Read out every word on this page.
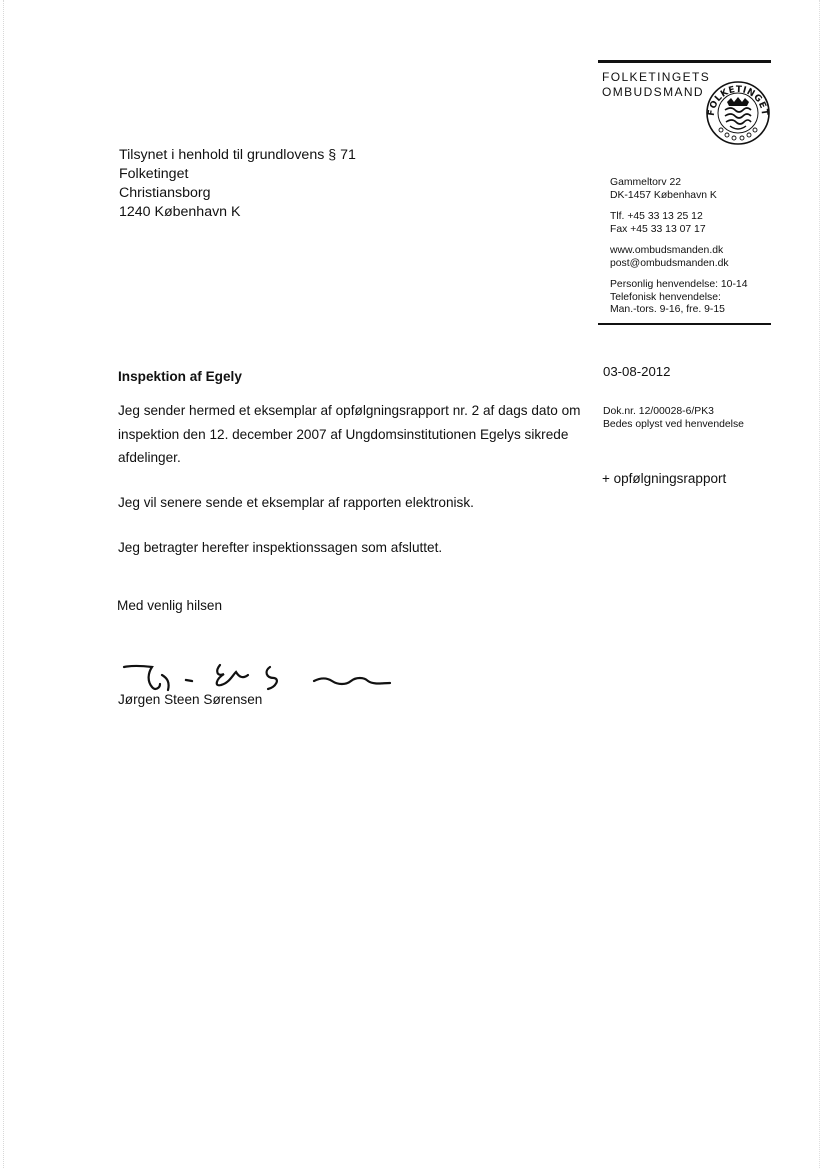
FOLKETINGETS
OMBUDSMAND
FOLKETINGET
Tilsynet i henhold til grundlovens § 71
Folketinget
Christiansborg
1240 København K
Gammeltorv 22
DK-1457 København K
Tlf. +45 33 13 25 12
Fax +45 33 13 07 17
www.ombudsmanden.dk
post@ombudsmanden.dk
Personlig henvendelse: 10-14
Telefonisk henvendelse:
Man.-tors. 9-16, fre. 9-15
03-08-2012
Dok.nr. 12/00028-6/PK3
Bedes oplyst ved henvendelse
+ opfølgningsrapport
Inspektion af Egely
Jeg sender hermed et eksemplar af opfølgningsrapport nr. 2 af dags dato om
inspektion den 12. december 2007 af Ungdomsinstitutionen Egelys sikrede
afdelinger.
Jeg vil senere sende et eksemplar af rapporten elektronisk.
Jeg betragter herefter inspektionssagen som afsluttet.
Med venlig hilsen
Jørgen Steen Sørensen
